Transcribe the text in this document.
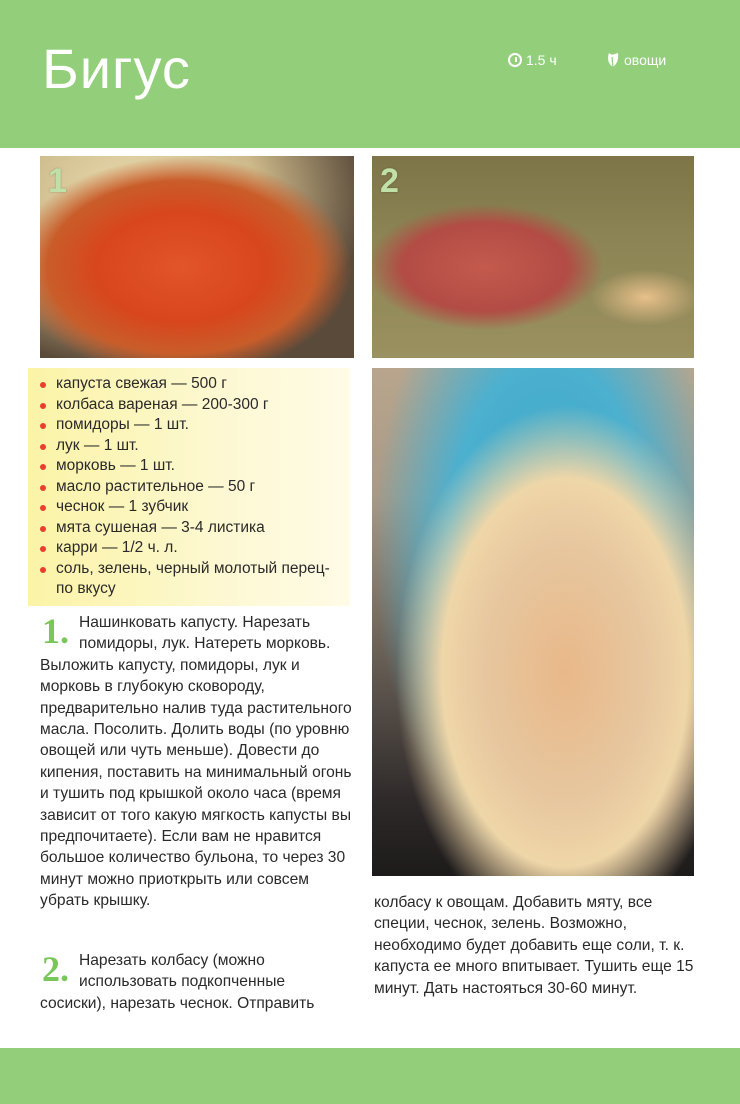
Бигус	1.5 ч	овощи
1	2
капуста свежая — 500 г
колбаса вареная — 200-300 г
помидоры — 1 шт.
лук — 1 шт.
морковь — 1 шт.
масло растительное — 50 г
чеснок — 1 зубчик
мята сушеная — 3-4 листика
карри — 1/2 ч. л.
соль, зелень, черный молотый перец- по вкусу
1. Нашинковать капусту. Нарезать помидоры, лук. Натереть морковь. Выложить капусту, помидоры, лук и морковь в глубокую сковороду, предварительно налив туда растительного масла. Посолить. Долить воды (по уровню овощей или чуть меньше). Довести до кипения, поставить на минимальный огонь и тушить под крышкой около часа (время зависит от того какую мягкость капусты вы предпочитаете). Если вам не нравится большое количество бульона, то через 30 минут можно приоткрыть или совсем убрать крышку.

2. Нарезать колбасу (можно использовать подкопченные сосиски), нарезать чеснок. Отправить

колбасу к овощам. Добавить мяту, все специи, чеснок, зелень. Возможно, необходимо будет добавить еще соли, т. к. капуста ее много впитывает. Тушить еще 15 минут. Дать настояться 30-60 минут.
